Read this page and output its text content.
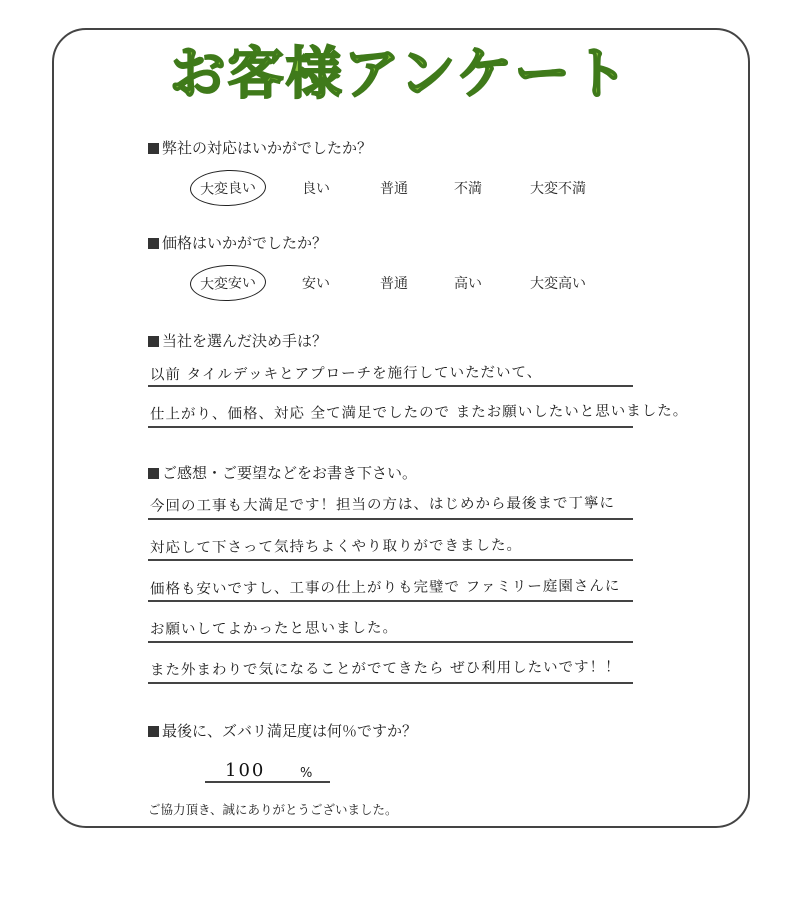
お客様アンケート
弊社の対応はいかがでしたか？
大変良い	良い	普通	不満	大変不満
価格はいかがでしたか？
大変安い	安い	普通	高い	大変高い
当社を選んだ決め手は？
以前 タイルデッキとアプローチを施行していただいて、
仕上がり、価格、対応 全て満足でしたので またお願いしたいと思いました。
ご感想・ご要望などをお書き下さい。
今回の工事も大満足です！担当の方は、はじめから最後まで丁寧に
対応して下さって気持ちよくやり取りができました。
価格も安いですし、工事の仕上がりも完璧で ファミリー庭園さんに
お願いしてよかったと思いました。
また外まわりで気になることがでてきたら ぜひ利用したいです！！
最後に、ズバリ満足度は何％ですか？
100	%
ご協力頂き、誠にありがとうございました。
